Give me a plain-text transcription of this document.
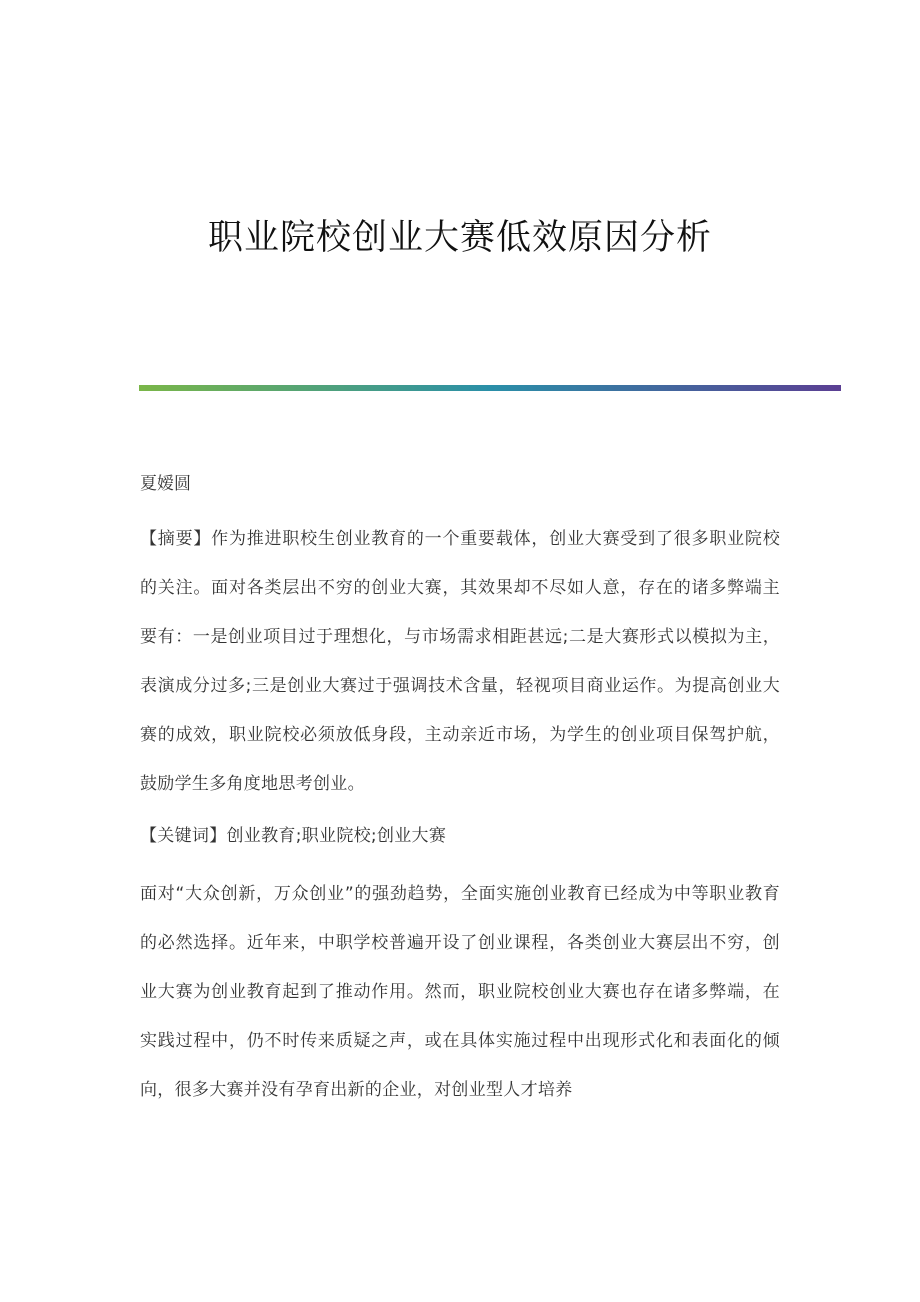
职业院校创业大赛低效原因分析
夏嫒圆
【摘要】作为推进职校生创业教育的一个重要载体，创业大赛受到了很多职业院校的关注。面对各类层出不穷的创业大赛，其效果却不尽如人意，存在的诸多弊端主要有：一是创业项目过于理想化，与市场需求相距甚远;二是大赛形式以模拟为主，表演成分过多;三是创业大赛过于强调技术含量，轻视项目商业运作。为提高创业大赛的成效，职业院校必须放低身段，主动亲近市场，为学生的创业项目保驾护航，鼓励学生多角度地思考创业。
【关键词】创业教育;职业院校;创业大赛
面对“大众创新，万众创业”的强劲趋势，全面实施创业教育已经成为中等职业教育的必然选择。近年来，中职学校普遍开设了创业课程，各类创业大赛层出不穷，创业大赛为创业教育起到了推动作用。然而，职业院校创业大赛也存在诸多弊端，在实践过程中，仍不时传来质疑之声，或在具体实施过程中出现形式化和表面化的倾向，很多大赛并没有孕育出新的企业，对创业型人才培养
